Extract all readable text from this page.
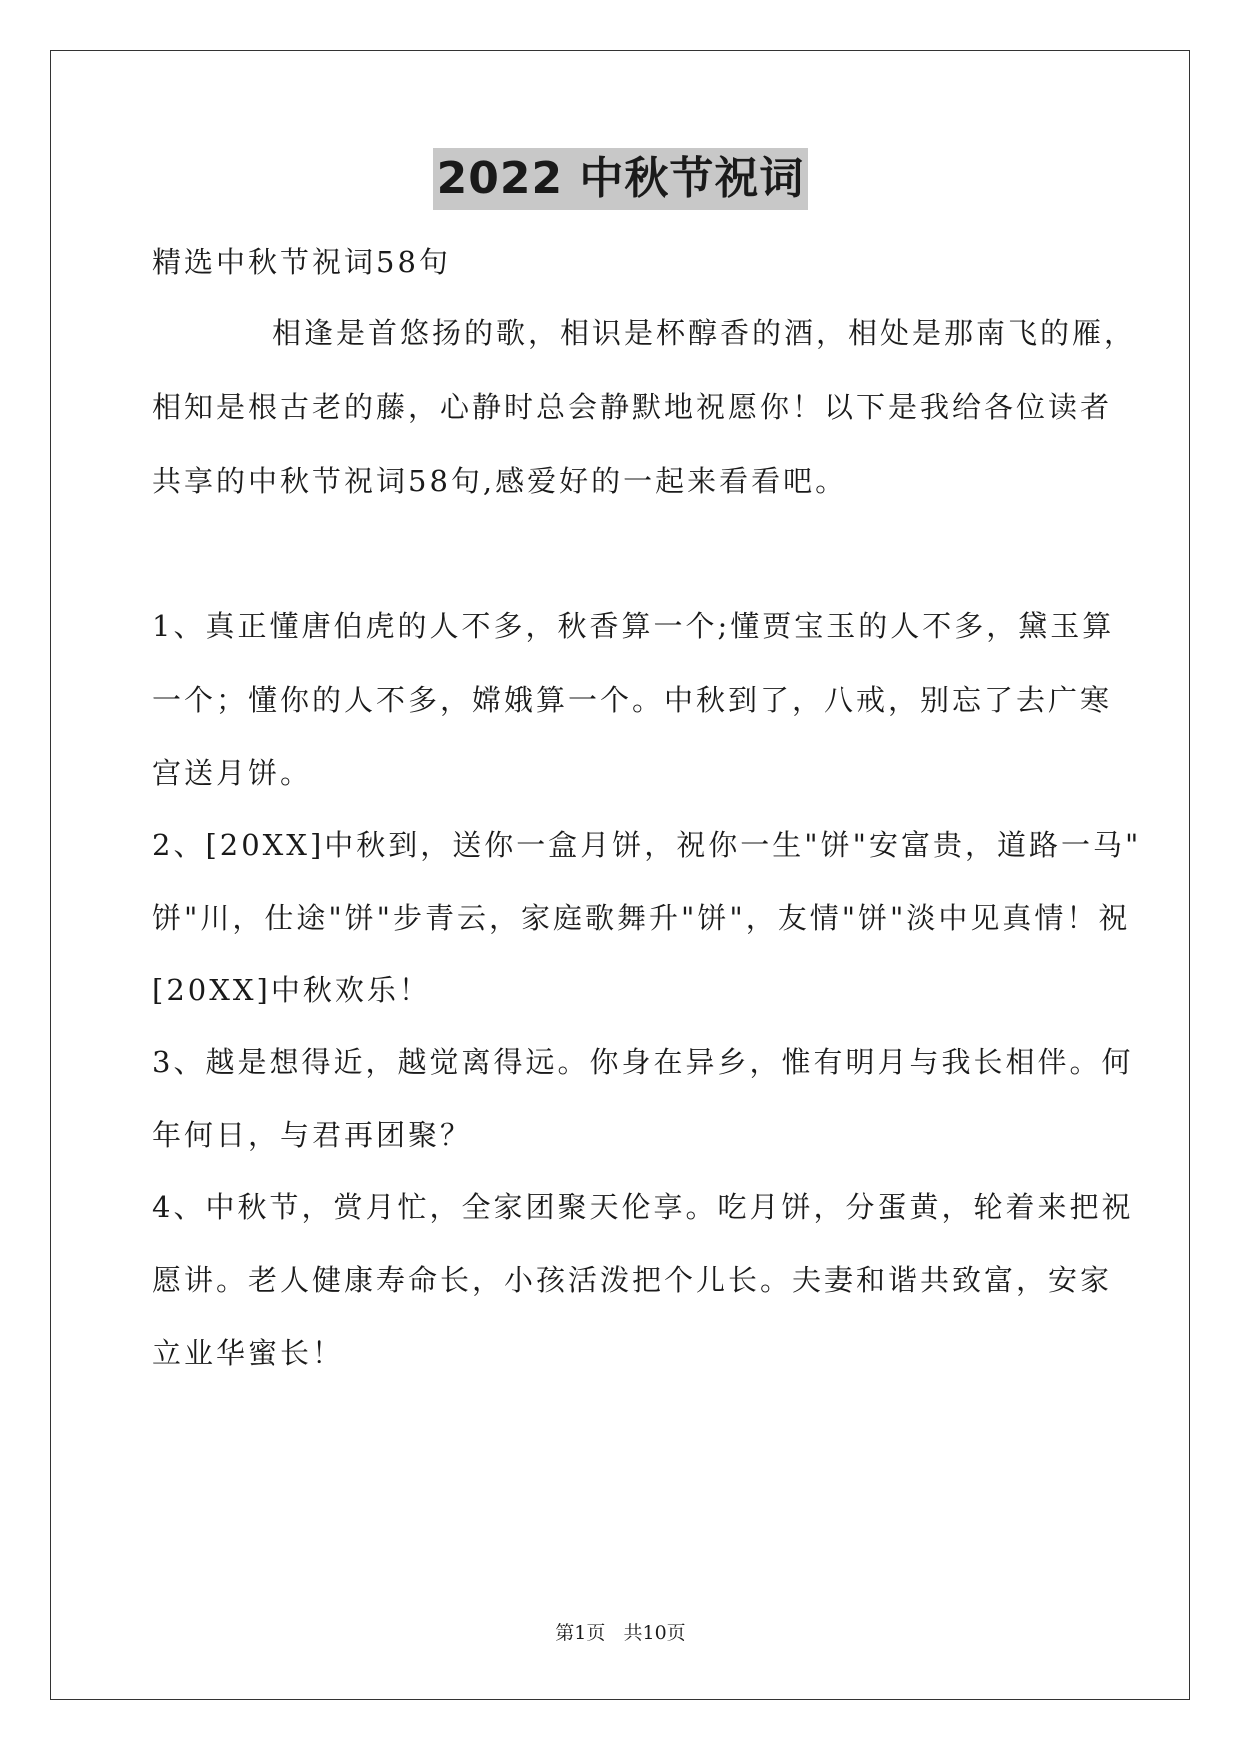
2022 中秋节祝词
精选中秋节祝词58句
相逢是首悠扬的歌，相识是杯醇香的酒，相处是那南飞的雁，
相知是根古老的藤，心静时总会静默地祝愿你！以下是我给各位读者
共享的中秋节祝词58句,感爱好的一起来看看吧。
1、真正懂唐伯虎的人不多，秋香算一个;懂贾宝玉的人不多，黛玉算
一个；懂你的人不多，嫦娥算一个。中秋到了，八戒，别忘了去广寒
宫送月饼。
2、[20XX]中秋到，送你一盒月饼，祝你一生"饼"安富贵，道路一马"
饼"川，仕途"饼"步青云，家庭歌舞升"饼"，友情"饼"淡中见真情！祝
[20XX]中秋欢乐！
3、越是想得近，越觉离得远。你身在异乡，惟有明月与我长相伴。何
年何日，与君再团聚？
4、中秋节，赏月忙，全家团聚天伦享。吃月饼，分蛋黄，轮着来把祝
愿讲。老人健康寿命长，小孩活泼把个儿长。夫妻和谐共致富，安家
立业华蜜长！
第1页   共10页
